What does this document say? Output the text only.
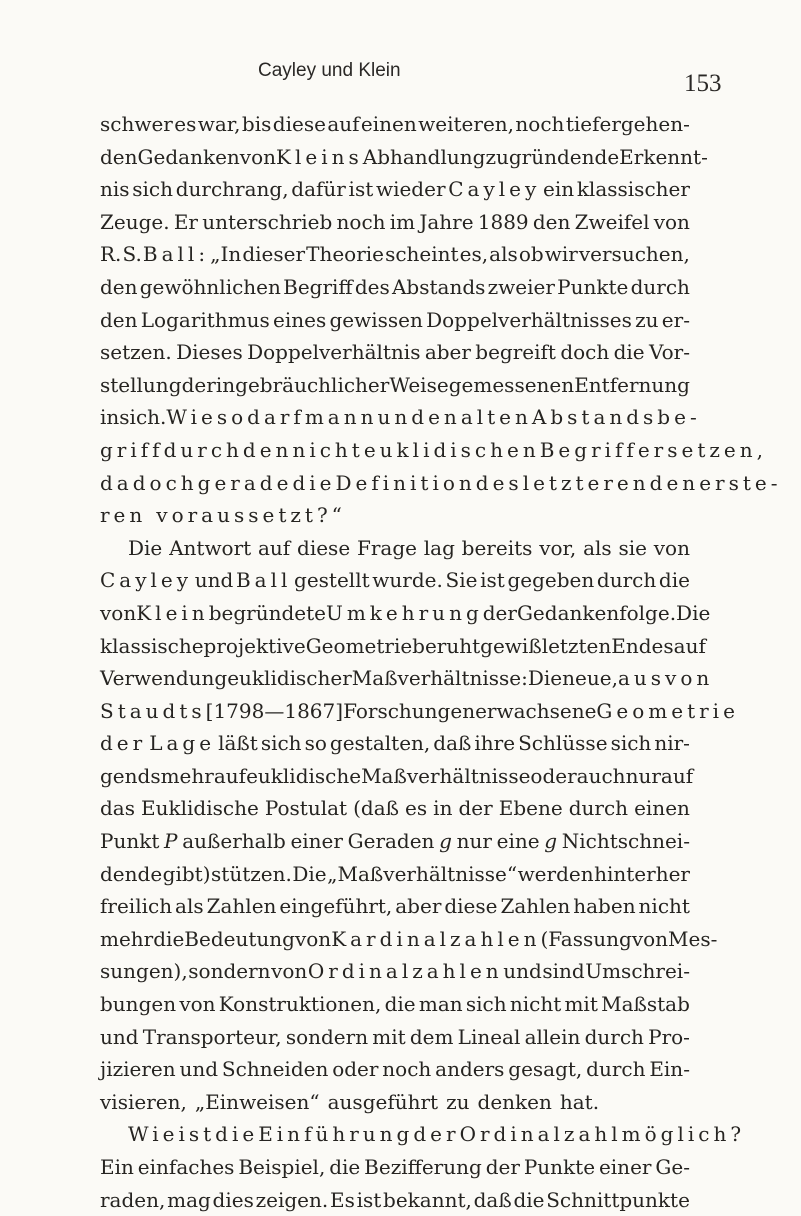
Cayley und Klein	153
schwer es war, bis diese auf einen weiteren, noch tiefergehen-
den Gedanken von Kleins Abhandlung zu gründende Erkennt-
nis sich durchrang, dafür ist wieder Cayley ein klassischer
Zeuge. Er unterschrieb noch im Jahre 1889 den Zweifel von
R. S. Ball: „In dieser Theorie scheint es, als ob wir versuchen,
den gewöhnlichen Begriff des Abstands zweier Punkte durch
den Logarithmus eines gewissen Doppelverhältnisses zu er-
setzen. Dieses Doppelverhältnis aber begreift doch die Vor-
stellung der in gebräuchlicher Weise gemessenen Entfernung
in sich. Wieso darf man nun den alten Abstandsbe-
griff durch den nichteuklidischen Begriff ersetzen,
da doch gerade dieDefinition des letzteren den erste-
ren voraussetzt?“
Die Antwort auf diese Frage lag bereits vor, als sie von
Cayley und Ball gestellt wurde. Sie ist gegeben durch die
von Klein begründete Umkehrung der Gedankenfolge. Die
klassische projektive Geometrie beruht gewiß letzten Endes auf
Verwendung euklidischer Maßverhältnisse: Die neue, aus von
Staudts [1798—1867] Forschungen erwachsene Geometrie
der Lage läßt sich so gestalten, daß ihre Schlüsse sich nir-
gends mehr auf euklidische Maßverhältnisse oder auch nur auf
das Euklidische Postulat (daß es in der Ebene durch einen
Punkt P außerhalb einer Geraden g nur eine g Nichtschnei-
dende gibt) stützen. Die „Maßverhältnisse“ werden hinterher
freilich als Zahlen eingeführt, aber diese Zahlen haben nicht
mehr die Bedeutung von Kardinalzahlen (Fassung von Mes-
sungen), sondern von Ordinalzahlen und sind Umschrei-
bungen von Konstruktionen, die man sich nicht mit Maßstab
und Transporteur, sondern mit dem Lineal allein durch Pro-
jizieren und Schneiden oder noch anders gesagt, durch Ein-
visieren, „Einweisen“ ausgeführt zu denken hat.
Wie ist die Einführung der Ordinalzahl möglich?
Ein einfaches Beispiel, die Bezifferung der Punkte einer Ge-
raden, mag dies zeigen. Es ist bekannt, daß die Schnittpunkte
